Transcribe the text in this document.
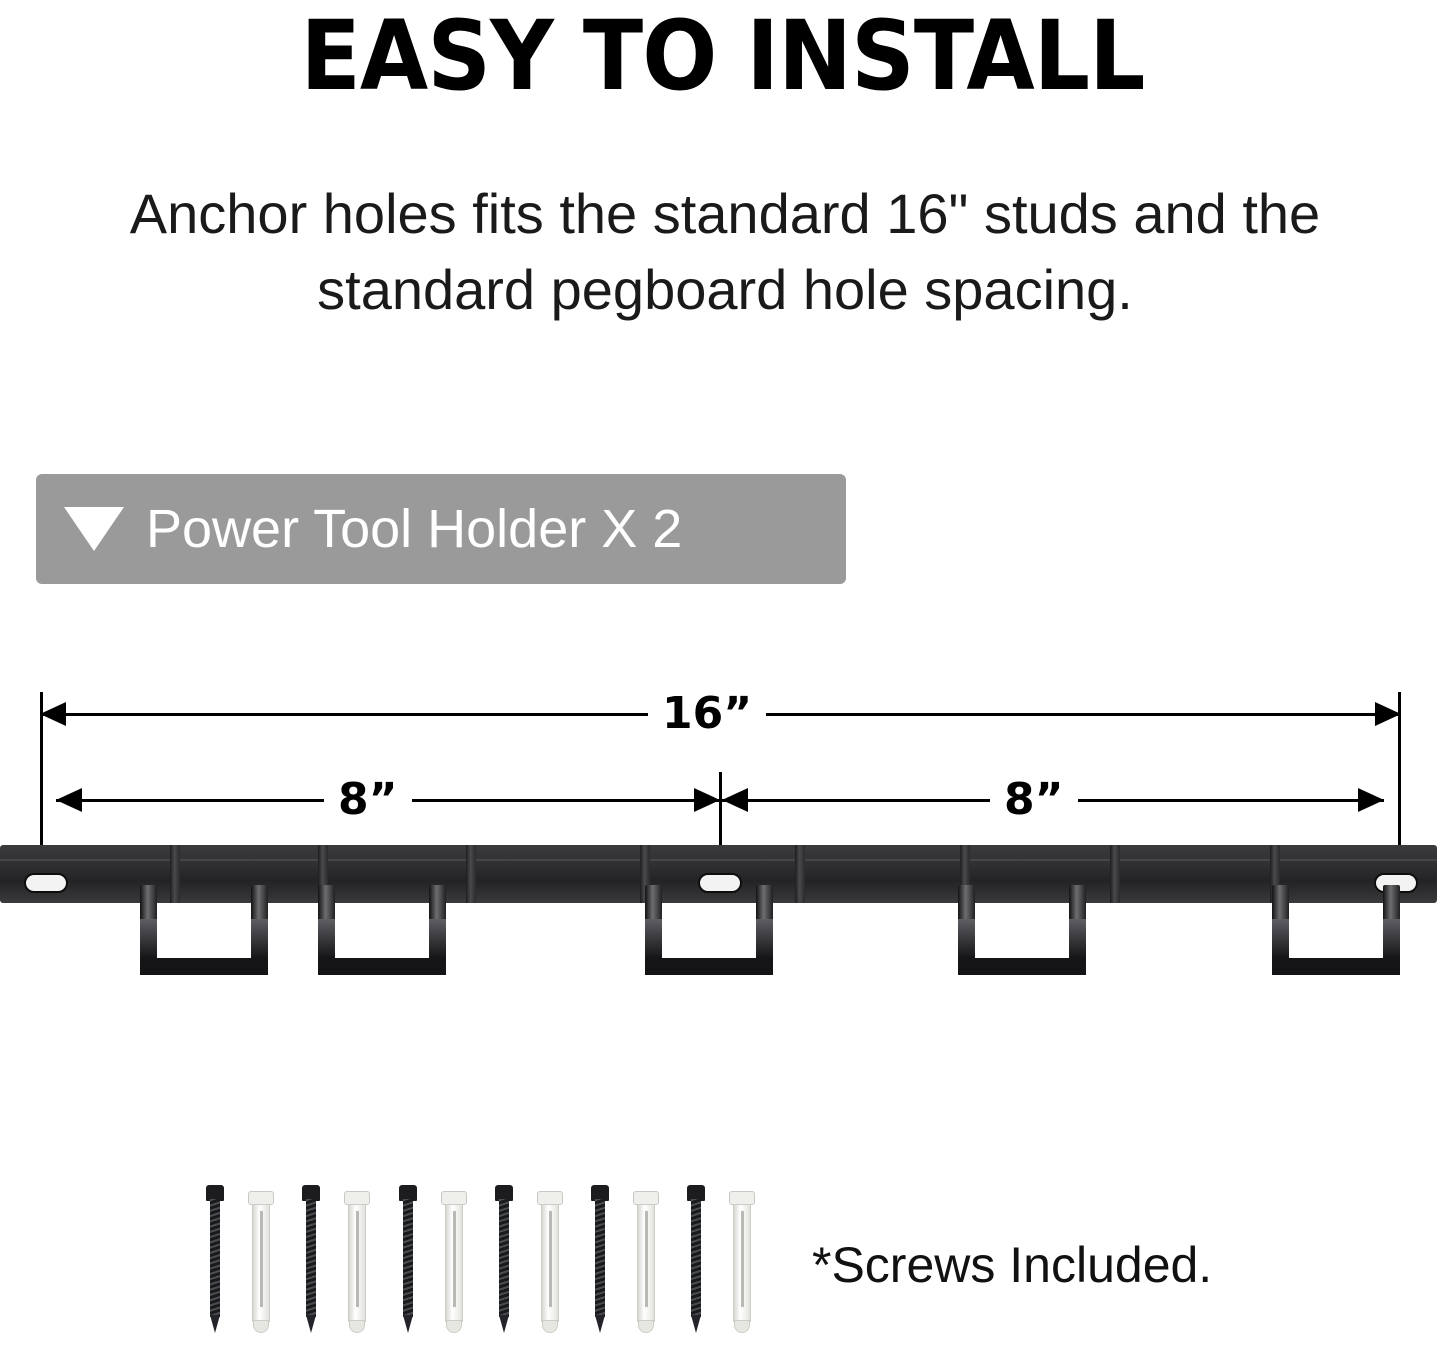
EASY TO INSTALL
Anchor holes fits the standard 16" studs and the standard pegboard hole spacing.
Power Tool Holder X 2
16”
8”	8”
*Screws Included.
